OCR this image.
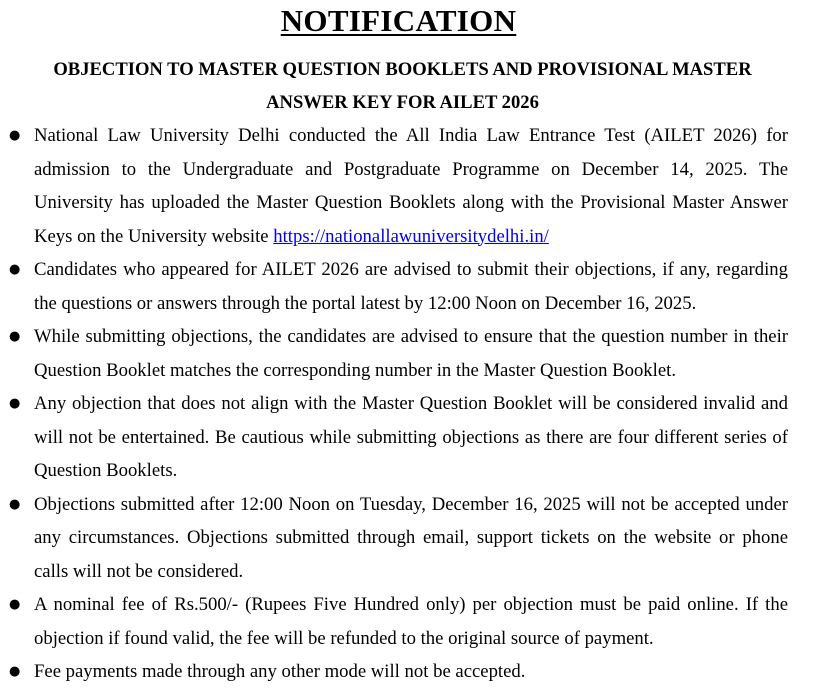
NOTIFICATION
OBJECTION TO MASTER QUESTION BOOKLETS AND PROVISIONAL MASTER
ANSWER KEY FOR AILET 2026
● National Law University Delhi conducted the All India Law Entrance Test (AILET 2026) for admission to the Undergraduate and Postgraduate Programme on December 14, 2025. The University has uploaded the Master Question Booklets along with the Provisional Master Answer Keys on the University website https://nationallawuniversitydelhi.in/
● Candidates who appeared for AILET 2026 are advised to submit their objections, if any, regarding the questions or answers through the portal latest by 12:00 Noon on December 16, 2025.
● While submitting objections, the candidates are advised to ensure that the question number in their Question Booklet matches the corresponding number in the Master Question Booklet.
● Any objection that does not align with the Master Question Booklet will be considered invalid and will not be entertained. Be cautious while submitting objections as there are four different series of Question Booklets.
● Objections submitted after 12:00 Noon on Tuesday, December 16, 2025 will not be accepted under any circumstances. Objections submitted through email, support tickets on the website or phone calls will not be considered.
● A nominal fee of Rs.500/- (Rupees Five Hundred only) per objection must be paid online. If the objection if found valid, the fee will be refunded to the original source of payment.
● Fee payments made through any other mode will not be accepted.
